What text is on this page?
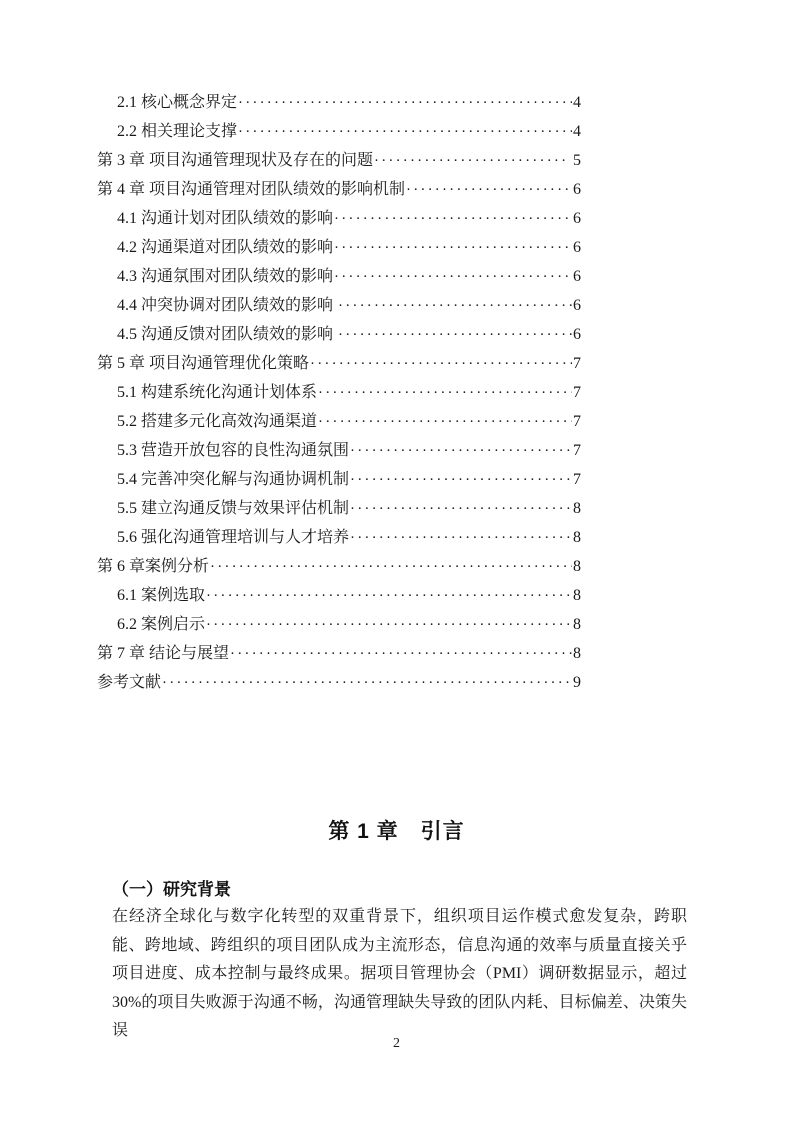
2.1 核心概念界定 ·····	4
2.2 相关理论支撑 ·····	4
第 3 章 项目沟通管理现状及存在的问题 ·····	5
第 4 章 项目沟通管理对团队绩效的影响机制 ·····	6
4.1 沟通计划对团队绩效的影响 ·····	6
4.2 沟通渠道对团队绩效的影响 ·····	6
4.3 沟通氛围对团队绩效的影响 ·····	6
4.4 冲突协调对团队绩效的影响 ·····	6
4.5 沟通反馈对团队绩效的影响 ·····	6
第 5 章 项目沟通管理优化策略 ·····	7
5.1 构建系统化沟通计划体系 ·····	7
5.2 搭建多元化高效沟通渠道 ·····	7
5.3 营造开放包容的良性沟通氛围 ·····	7
5.4 完善冲突化解与沟通协调机制 ·····	7
5.5 建立沟通反馈与效果评估机制 ·····	8
5.6 强化沟通管理培训与人才培养 ·····	8
第 6 章案例分析 ·····	8
6.1 案例选取 ·····	8
6.2 案例启示 ·····	8
第 7 章 结论与展望 ·····	8
参考文献 ·····	9
第 1 章　引言
（一）研究背景
在经济全球化与数字化转型的双重背景下，组织项目运作模式愈发复杂，跨职能、跨地域、跨组织的项目团队成为主流形态，信息沟通的效率与质量直接关乎项目进度、成本控制与最终成果。据项目管理协会（PMI）调研数据显示，超过 30%的项目失败源于沟通不畅，沟通管理缺失导致的团队内耗、目标偏差、决策失误
2
